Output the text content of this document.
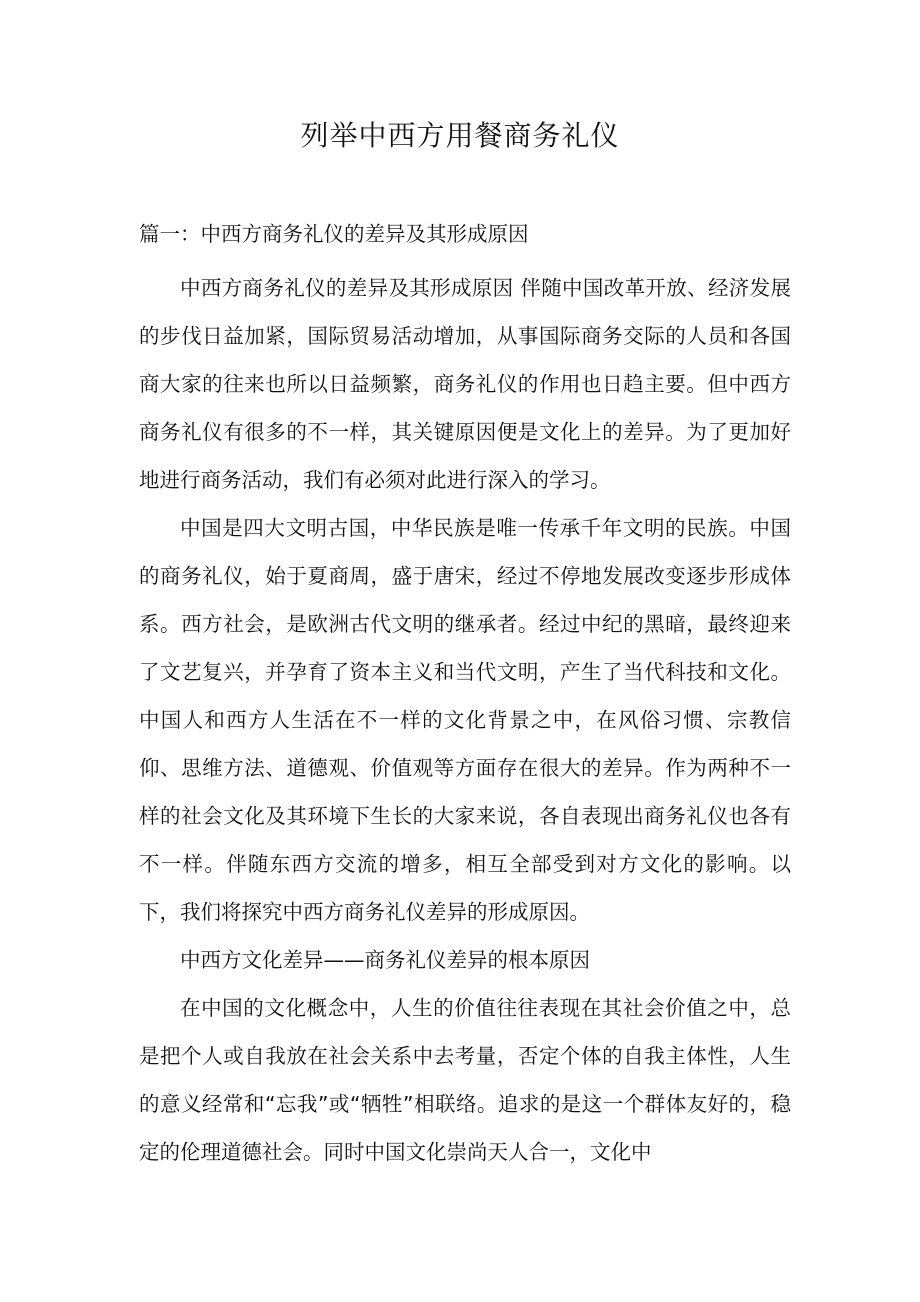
列举中西方用餐商务礼仪

篇一：中西方商务礼仪的差异及其形成原因

中西方商务礼仪的差异及其形成原因 伴随中国改革开放、经济发展的步伐日益加紧，国际贸易活动增加，从事国际商务交际的人员和各国商大家的往来也所以日益频繁，商务礼仪的作用也日趋主要。但中西方商务礼仪有很多的不一样，其关键原因便是文化上的差异。为了更加好地进行商务活动，我们有必须对此进行深入的学习。

中国是四大文明古国，中华民族是唯一传承千年文明的民族。中国的商务礼仪，始于夏商周，盛于唐宋，经过不停地发展改变逐步形成体系。西方社会，是欧洲古代文明的继承者。经过中纪的黑暗，最终迎来了文艺复兴，并孕育了资本主义和当代文明，产生了当代科技和文化。中国人和西方人生活在不一样的文化背景之中，在风俗习惯、宗教信仰、思维方法、道德观、价值观等方面存在很大的差异。作为两种不一样的社会文化及其环境下生长的大家来说，各自表现出商务礼仪也各有不一样。伴随东西方交流的增多，相互全部受到对方文化的影响。以下，我们将探究中西方商务礼仪差异的形成原因。

中西方文化差异——商务礼仪差异的根本原因

在中国的文化概念中，人生的价值往往表现在其社会价值之中，总是把个人或自我放在社会关系中去考量，否定个体的自我主体性，人生的意义经常和“忘我”或“牺牲”相联络。追求的是这一个群体友好的，稳定的伦理道德社会。同时中国文化崇尚天人合一，文化中
